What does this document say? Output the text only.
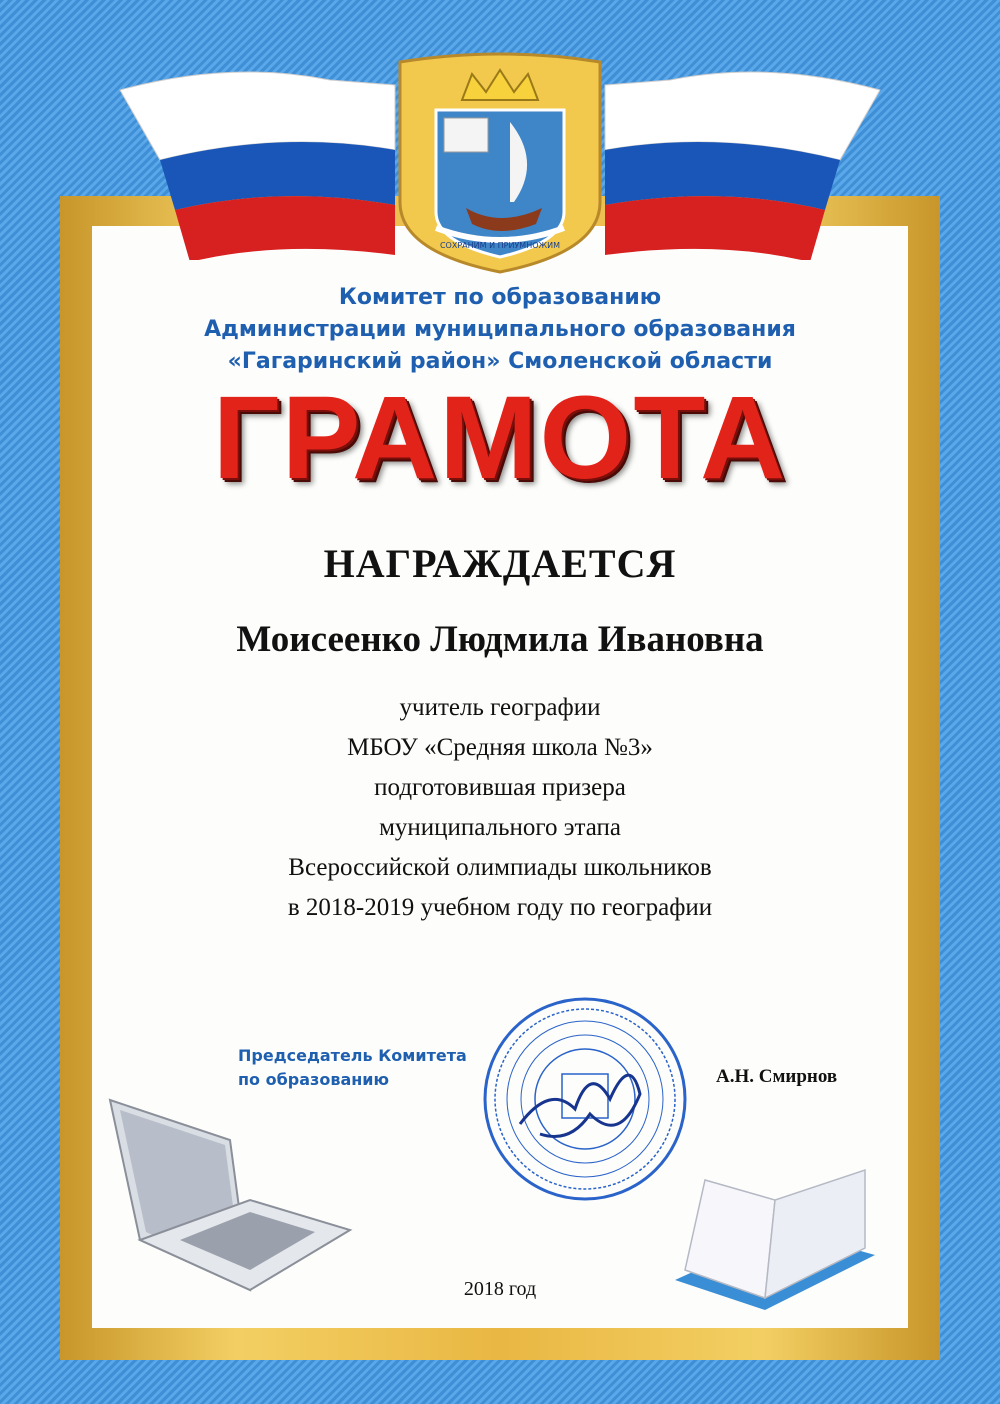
СОХРАНИМ И ПРИУМНОЖИМ
Комитет по образованию
Администрации муниципального образования
«Гагаринский район» Смоленской области
ГРАМОТА
НАГРАЖДАЕТСЯ
Моисеенко Людмила Ивановна
учитель географии
МБОУ «Средняя школа №3»
подготовившая призера
муниципального этапа
Всероссийской олимпиады школьников
в 2018-2019 учебном году по географии
Председатель Комитета
по образованию	А.Н. Смирнов
2018 год
